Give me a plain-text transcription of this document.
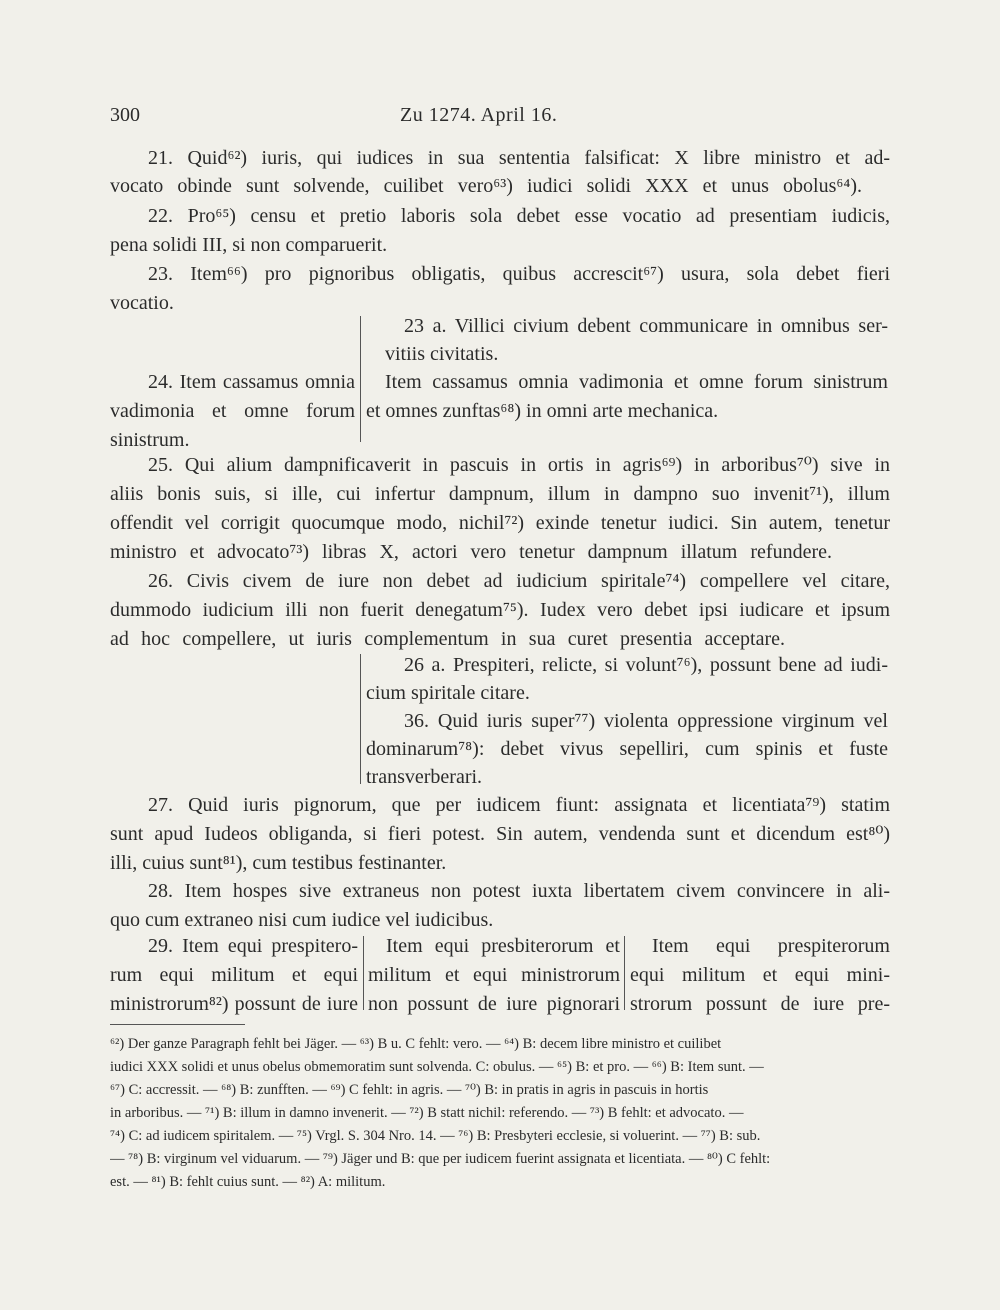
300	Zu 1274. April 16.
21. Quid⁶²) iuris, qui iudices in sua sententia falsificat: X libre ministro et ad-
vocato obinde sunt solvende, cuilibet vero⁶³) iudici solidi XXX et unus obolus⁶⁴).
22. Pro⁶⁵) censu et pretio laboris sola debet esse vocatio ad presentiam iudicis,
pena solidi III, si non comparuerit.
23. Item⁶⁶) pro pignoribus obligatis, quibus accrescit⁶⁷) usura, sola debet fieri
vocatio.
23 a. Villici civium debent communicare in omnibus ser-
vitiis civitatis.
24. Item cassamus omnia
vadimonia et omne forum
sinistrum.
Item cassamus omnia vadimonia et omne forum sinistrum
et omnes zunftas⁶⁸) in omni arte mechanica.
25. Qui alium dampnificaverit in pascuis in ortis in agris⁶⁹) in arboribus⁷⁰) sive in
aliis bonis suis, si ille, cui infertur dampnum, illum in dampno suo invenit⁷¹), illum
offendit vel corrigit quocumque modo, nichil⁷²) exinde tenetur iudici. Sin autem, tenetur
ministro et advocato⁷³) libras X, actori vero tenetur dampnum illatum refundere.
26. Civis civem de iure non debet ad iudicium spiritale⁷⁴) compellere vel citare,
dummodo iudicium illi non fuerit denegatum⁷⁵). Iudex vero debet ipsi iudicare et ipsum
ad hoc compellere, ut iuris complementum in sua curet presentia acceptare.
26 a. Prespiteri, relicte, si volunt⁷⁶), possunt bene ad iudi-
cium spiritale citare.
36. Quid iuris super⁷⁷) violenta oppressione virginum vel
dominarum⁷⁸): debet vivus sepelliri, cum spinis et fuste
transverberari.
27. Quid iuris pignorum, que per iudicem fiunt: assignata et licentiata⁷⁹) statim
sunt apud Iudeos obliganda, si fieri potest. Sin autem, vendenda sunt et dicendum est⁸⁰)
illi, cuius sunt⁸¹), cum testibus festinanter.
28. Item hospes sive extraneus non potest iuxta libertatem civem convincere in ali-
quo cum extraneo nisi cum iudice vel iudicibus.
29. Item equi prespitero-
rum equi militum et equi
ministrorum⁸²) possunt de iure
Item equi presbiterorum et
militum et equi ministrorum
non possunt de iure pignorari
Item equi prespiterorum
equi militum et equi mini-
strorum possunt de iure pre-
⁶²) Der ganze Paragraph fehlt bei Jäger. — ⁶³) B u. C fehlt: vero. — ⁶⁴) B: decem libre ministro et cuilibet
iudici XXX solidi et unus obelus obmemoratim sunt solvenda. C: obulus. — ⁶⁵) B: et pro. — ⁶⁶) B: Item sunt. —
⁶⁷) C: accressit. — ⁶⁸) B: zunfften. — ⁶⁹) C fehlt: in agris. — ⁷⁰) B: in pratis in agris in pascuis in hortis
in arboribus. — ⁷¹) B: illum in damno invenerit. — ⁷²) B statt nichil: referendo. — ⁷³) B fehlt: et advocato. —
⁷⁴) C: ad iudicem spiritalem. — ⁷⁵) Vrgl. S. 304 Nro. 14. — ⁷⁶) B: Presbyteri ecclesie, si voluerint. — ⁷⁷) B: sub.
— ⁷⁸) B: virginum vel viduarum. — ⁷⁹) Jäger und B: que per iudicem fuerint assignata et licentiata. — ⁸⁰) C fehlt:
est. — ⁸¹) B: fehlt cuius sunt. — ⁸²) A: militum.
